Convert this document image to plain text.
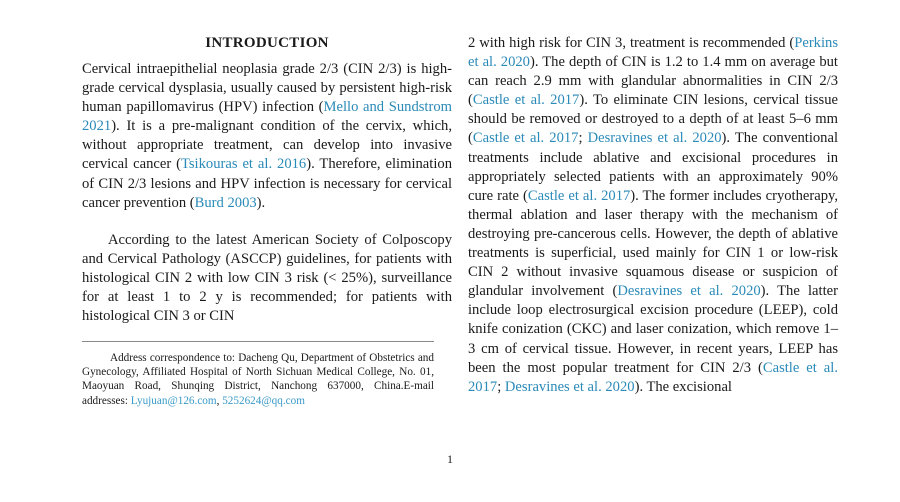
INTRODUCTION

Cervical intraepithelial neoplasia grade 2/3 (CIN 2/3) is high-grade cervical dysplasia, usually caused by persistent high-risk human papillomavirus (HPV) infection (Mello and Sundstrom 2021). It is a pre-malignant condition of the cervix, which, without appropriate treatment, can develop into invasive cervical cancer (Tsikouras et al. 2016). Therefore, elimination of CIN 2/3 lesions and HPV infection is necessary for cervical cancer prevention (Burd 2003).

According to the latest American Society of Colposcopy and Cervical Pathology (ASCCP) guidelines, for patients with histological CIN 2 with low CIN 3 risk (< 25%), surveillance for at least 1 to 2 y is recommended; for patients with histological CIN 3 or CIN

Address correspondence to: Dacheng Qu, Department of Obstetrics and Gynecology, Affiliated Hospital of North Sichuan Medical College, No. 01, Maoyuan Road, Shunqing District, Nanchong 637000, China.E-mail addresses: Lyujuan@126.com, 5252624@qq.com

2 with high risk for CIN 3, treatment is recommended (Perkins et al. 2020). The depth of CIN is 1.2 to 1.4 mm on average but can reach 2.9 mm with glandular abnormalities in CIN 2/3 (Castle et al. 2017). To eliminate CIN lesions, cervical tissue should be removed or destroyed to a depth of at least 5–6 mm (Castle et al. 2017; Desravines et al. 2020). The conventional treatments include ablative and excisional procedures in appropriately selected patients with an approximately 90% cure rate (Castle et al. 2017). The former includes cryotherapy, thermal ablation and laser therapy with the mechanism of destroying pre-cancerous cells. However, the depth of ablative treatments is superficial, used mainly for CIN 1 or low-risk CIN 2 without invasive squamous disease or suspicion of glandular involvement (Desravines et al. 2020). The latter include loop electrosurgical excision procedure (LEEP), cold knife conization (CKC) and laser conization, which remove 1–3 cm of cervical tissue. However, in recent years, LEEP has been the most popular treatment for CIN 2/3 (Castle et al. 2017; Desravines et al. 2020). The excisional

1
